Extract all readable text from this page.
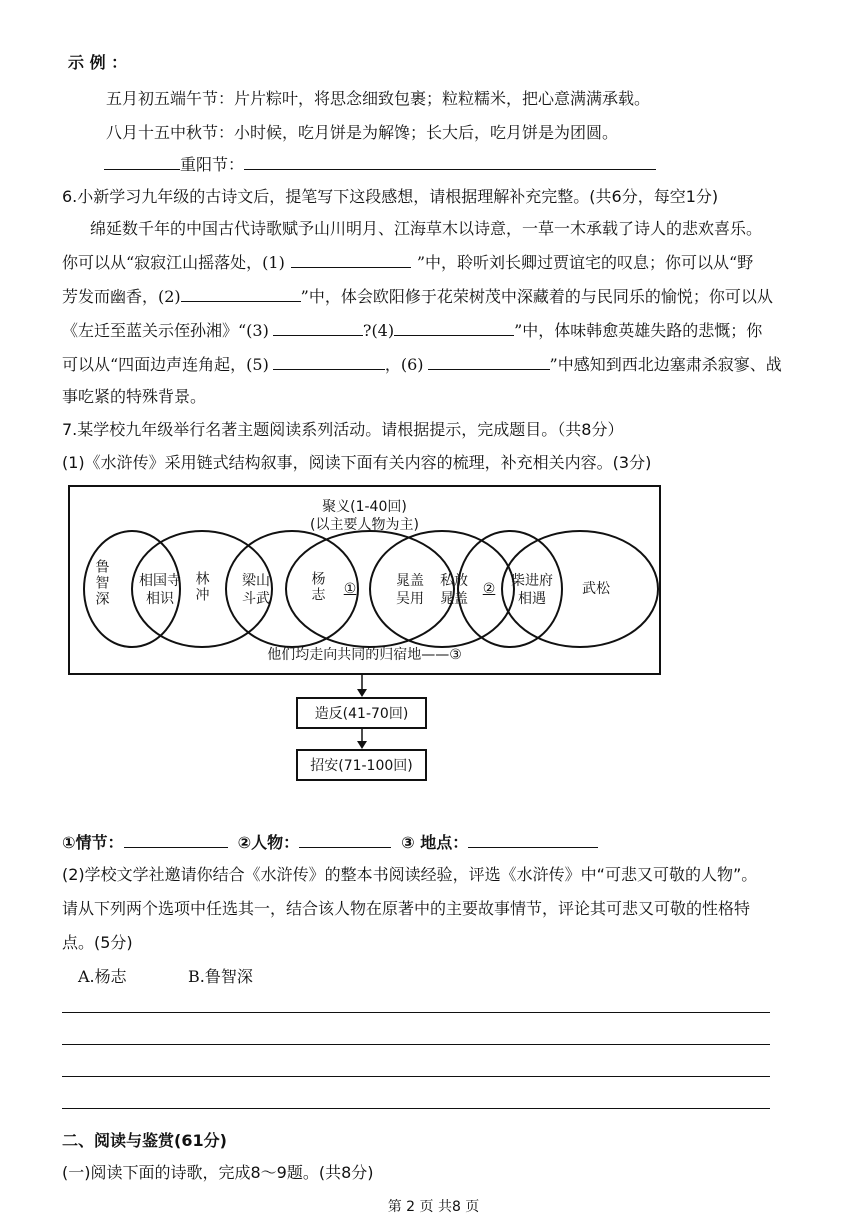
示 例 ：
五月初五端午节：片片粽叶，将思念细致包裹；粒粒糯米，把心意满满承载。
八月十五中秋节：小时候，吃月饼是为解馋；长大后，吃月饼是为团圆。
重阳节：
6.小新学习九年级的古诗文后，提笔写下这段感想，请根据理解补充完整。(共6分，每空1分)
绵延数千年的中国古代诗歌赋予山川明月、江海草木以诗意，一草一木承载了诗人的悲欢喜乐。
你可以从“寂寂江山摇落处，(1)	”中，聆听刘长卿过贾谊宅的叹息；你可以从“野
芳发而幽香，(2)	”中，体会欧阳修于花荣树茂中深藏着的与民同乐的愉悦；你可以从
《左迁至蓝关示侄孙湘》“(3)	?(4)	”中，体味韩愈英雄失路的悲慨；你
可以从“四面边声连角起，(5)	，(6)	”中感知到西北边塞肃杀寂寥、战
事吃紧的特殊背景。
7.某学校九年级举行名著主题阅读系列活动。请根据提示，完成题目。（共8分）
(1)《水浒传》采用链式结构叙事，阅读下面有关内容的梳理，补充相关内容。(3分)
聚义(1-40回)
(以主要人物为主)
鲁智深 相国寺
相识	林冲	梁山
斗武	杨志	①	晁盖
吴用
私放
晁盖
②	柴进府
相遇
武松
他们均走向共同的归宿地——③
造反(41-70回)
招安(71-100回)
①情节：	②人物：	③ 地点：
(2)学校文学社邀请你结合《水浒传》的整本书阅读经验，评选《水浒传》中“可悲又可敬的人物”。
请从下列两个选项中任选其一，结合该人物在原著中的主要故事情节，评论其可悲又可敬的性格特
点。(5分)
A.杨志	B.鲁智深
二、阅读与鉴赏(61分)
(一)阅读下面的诗歌，完成8～9题。(共8分)
第 2 页 共8 页
